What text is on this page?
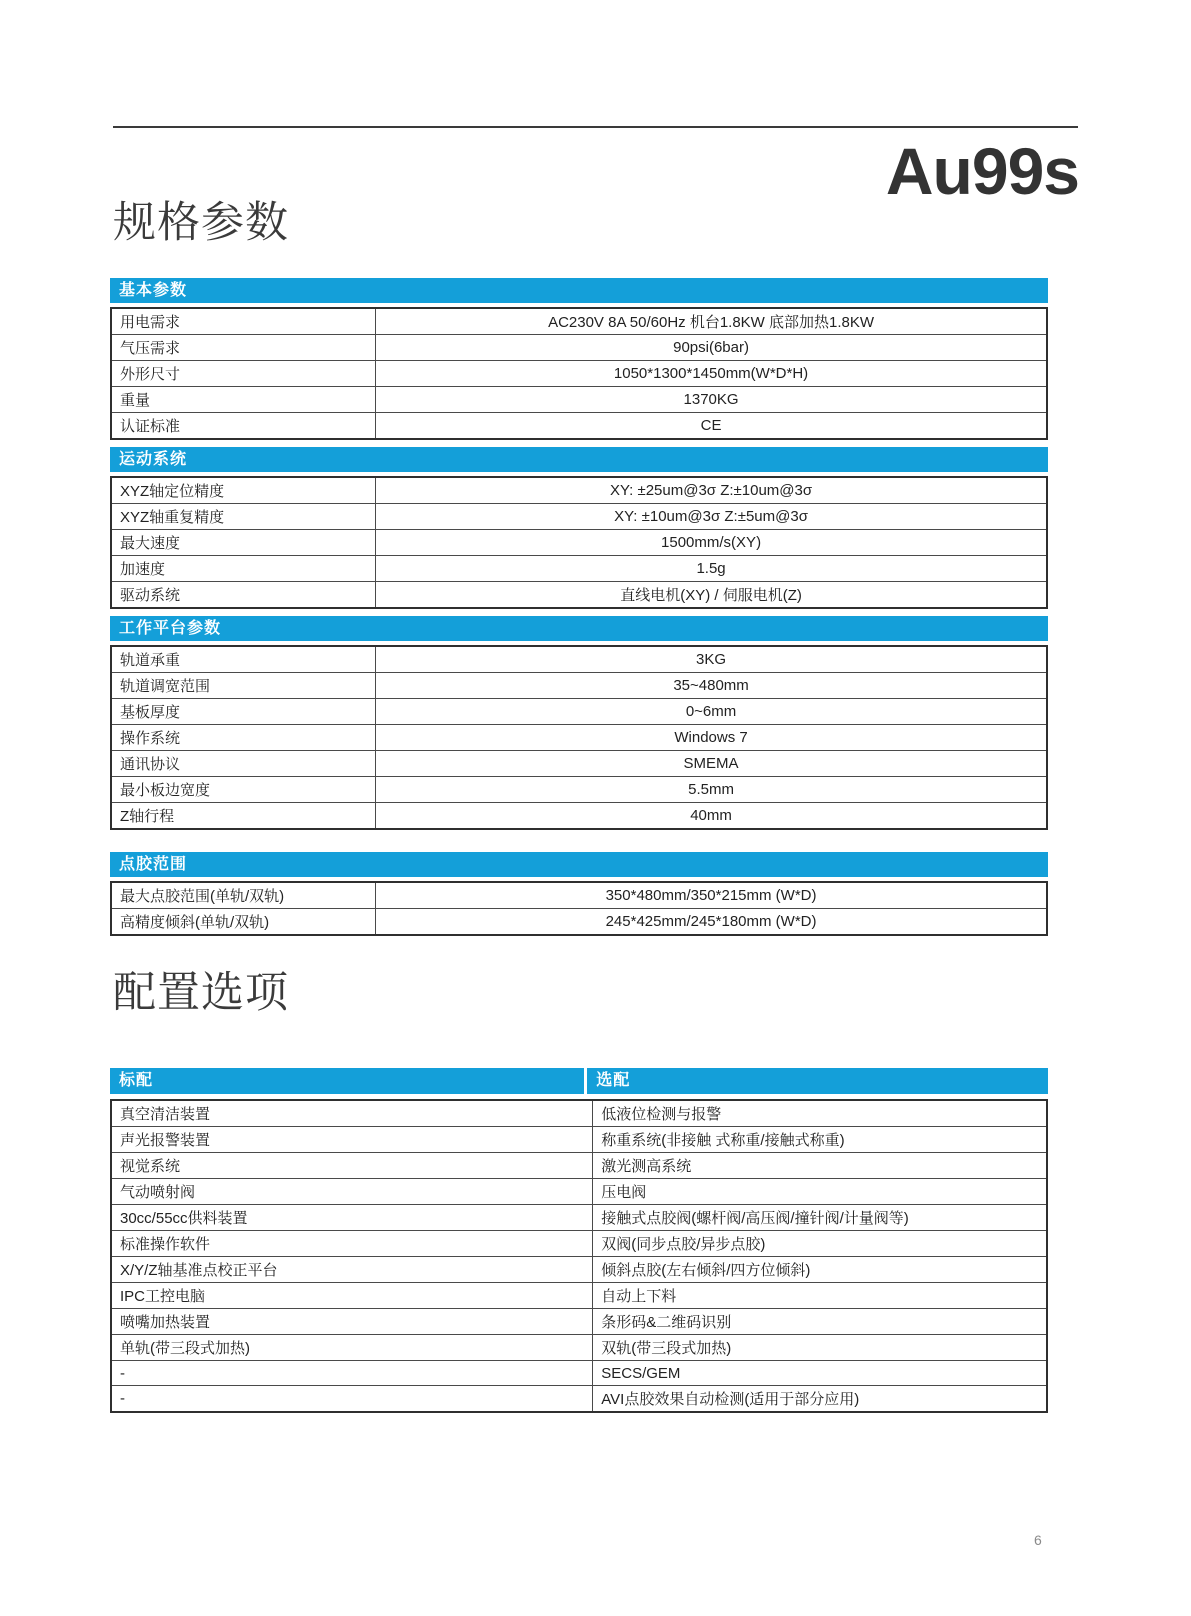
Au99s
规格参数
基本参数
用电需求	AC230V 8A 50/60Hz 机台1.8KW 底部加热1.8KW
气压需求	90psi(6bar)
外形尺寸	1050*1300*1450mm(W*D*H)
重量	1370KG
认证标准	CE
运动系统
XYZ轴定位精度	XY: ±25um@3σ Z:±10um@3σ
XYZ轴重复精度	XY: ±10um@3σ Z:±5um@3σ
最大速度	1500mm/s(XY)
加速度	1.5g
驱动系统	直线电机(XY) / 伺服电机(Z)
工作平台参数
轨道承重	3KG
轨道调宽范围	35~480mm
基板厚度	0~6mm
操作系统	Windows 7
通讯协议	SMEMA
最小板边宽度	5.5mm
Z轴行程	40mm
点胶范围
最大点胶范围(单轨/双轨)	350*480mm/350*215mm (W*D)
高精度倾斜(单轨/双轨)	245*425mm/245*180mm (W*D)
配置选项
标配	选配
真空清洁装置	低液位检测与报警
声光报警装置	称重系统(非接触 式称重/接触式称重)
视觉系统	激光测高系统
气动喷射阀	压电阀
30cc/55cc供料装置	接触式点胶阀(螺杆阀/高压阀/撞针阀/计量阀等)
标准操作软件	双阀(同步点胶/异步点胶)
X/Y/Z轴基准点校正平台	倾斜点胶(左右倾斜/四方位倾斜)
IPC工控电脑	自动上下料
喷嘴加热装置	条形码&二维码识别
单轨(带三段式加热)	双轨(带三段式加热)
-	SECS/GEM
-	AVI点胶效果自动检测(适用于部分应用)
6
